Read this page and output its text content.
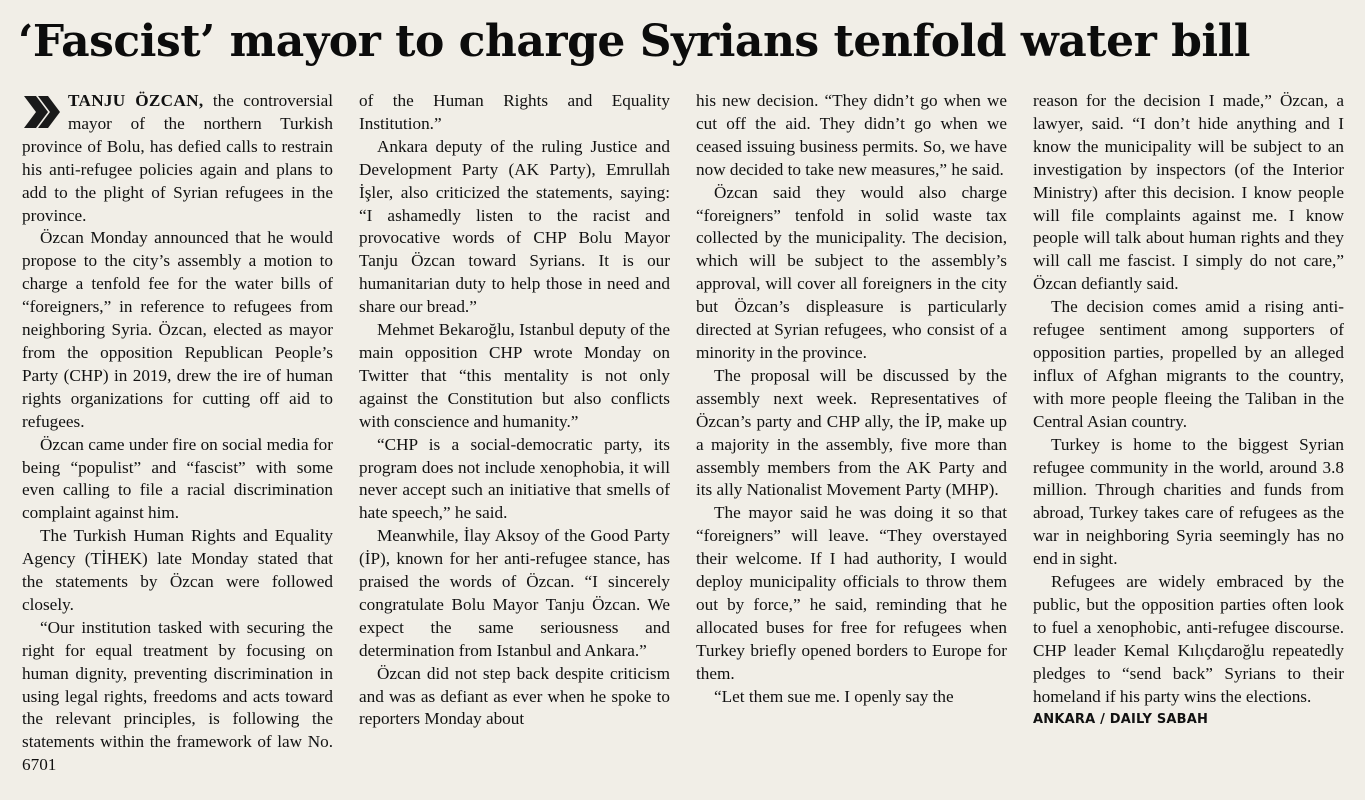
‘Fascist’ mayor to charge Syrians tenfold water bill

TANJU ÖZCAN, the controversial mayor of the northern Turkish province of Bolu, has defied calls to restrain his anti-refugee policies again and plans to add to the plight of Syrian refugees in the province.

Özcan Monday announced that he would propose to the city’s assembly a motion to charge a tenfold fee for the water bills of “foreigners,” in reference to refugees from neighboring Syria. Özcan, elected as mayor from the opposition Republican People’s Party (CHP) in 2019, drew the ire of human rights organizations for cutting off aid to refugees.

Özcan came under fire on social media for being “populist” and “fascist” with some even calling to file a racial discrimination complaint against him.

The Turkish Human Rights and Equality Agency (TİHEK) late Monday stated that the statements by Özcan were followed closely.

“Our institution tasked with securing the right for equal treatment by focusing on human dignity, preventing discrimination in using legal rights, freedoms and acts toward the relevant principles, is following the statements within the framework of law No. 6701

of the Human Rights and Equality Institution.”

Ankara deputy of the ruling Justice and Development Party (AK Party), Emrullah İşler, also criticized the statements, saying: “I ashamedly listen to the racist and provocative words of CHP Bolu Mayor Tanju Özcan toward Syrians. It is our humanitarian duty to help those in need and share our bread.”

Mehmet Bekaroğlu, Istanbul deputy of the main opposition CHP wrote Monday on Twitter that “this mentality is not only against the Constitution but also conflicts with conscience and humanity.”

“CHP is a social-democratic party, its program does not include xenophobia, it will never accept such an initiative that smells of hate speech,” he said.

Meanwhile, İlay Aksoy of the Good Party (İP), known for her anti-refugee stance, has praised the words of Özcan. “I sincerely congratulate Bolu Mayor Tanju Özcan. We expect the same seriousness and determination from Istanbul and Ankara.”

Özcan did not step back despite criticism and was as defiant as ever when he spoke to reporters Monday about

his new decision. “They didn’t go when we cut off the aid. They didn’t go when we ceased issuing business permits. So, we have now decided to take new measures,” he said.

Özcan said they would also charge “foreigners” tenfold in solid waste tax collected by the municipality. The decision, which will be subject to the assembly’s approval, will cover all foreigners in the city but Özcan’s displeasure is particularly directed at Syrian refugees, who consist of a minority in the province.

The proposal will be discussed by the assembly next week. Representatives of Özcan’s party and CHP ally, the İP, make up a majority in the assembly, five more than assembly members from the AK Party and its ally Nationalist Movement Party (MHP).

The mayor said he was doing it so that “foreigners” will leave. “They overstayed their welcome. If I had authority, I would deploy municipality officials to throw them out by force,” he said, reminding that he allocated buses for free for refugees when Turkey briefly opened borders to Europe for them.

“Let them sue me. I openly say the

reason for the decision I made,” Özcan, a lawyer, said. “I don’t hide anything and I know the municipality will be subject to an investigation by inspectors (of the Interior Ministry) after this decision. I know people will file complaints against me. I know people will talk about human rights and they will call me fascist. I simply do not care,” Özcan defiantly said.

The decision comes amid a rising anti-refugee sentiment among supporters of opposition parties, propelled by an alleged influx of Afghan migrants to the country, with more people fleeing the Taliban in the Central Asian country.

Turkey is home to the biggest Syrian refugee community in the world, around 3.8 million. Through charities and funds from abroad, Turkey takes care of refugees as the war in neighboring Syria seemingly has no end in sight.

Refugees are widely embraced by the public, but the opposition parties often look to fuel a xenophobic, anti-refugee discourse. CHP leader Kemal Kılıçdaroğlu repeatedly pledges to “send back” Syrians to their homeland if his party wins the elections.

ANKARA / DAILY SABAH
